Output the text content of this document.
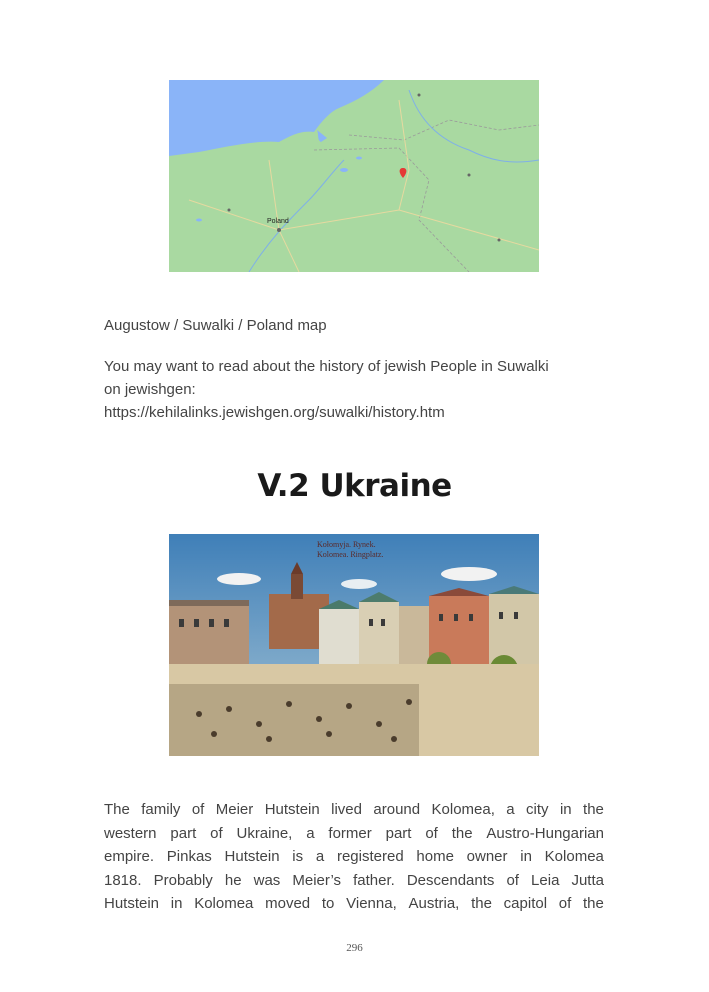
Poland
Augustow / Suwalki / Poland map
You may want to read about the history of jewish People in Suwalki
on jewishgen:
https://kehilalinks.jewishgen.org/suwalki/history.htm
V.2 Ukraine
Kołomyja. Rynek.
Kolomea. Ringplatz.
The family of Meier Hutstein lived around Kolomea, a city in the
western part of Ukraine, a former part of the Austro-Hungarian
empire. Pinkas Hutstein is a registered home owner in Kolomea
1818. Probably he was Meier’s father. Descendants of Leia Jutta
Hutstein in Kolomea moved to Vienna, Austria, the capitol of the
296
